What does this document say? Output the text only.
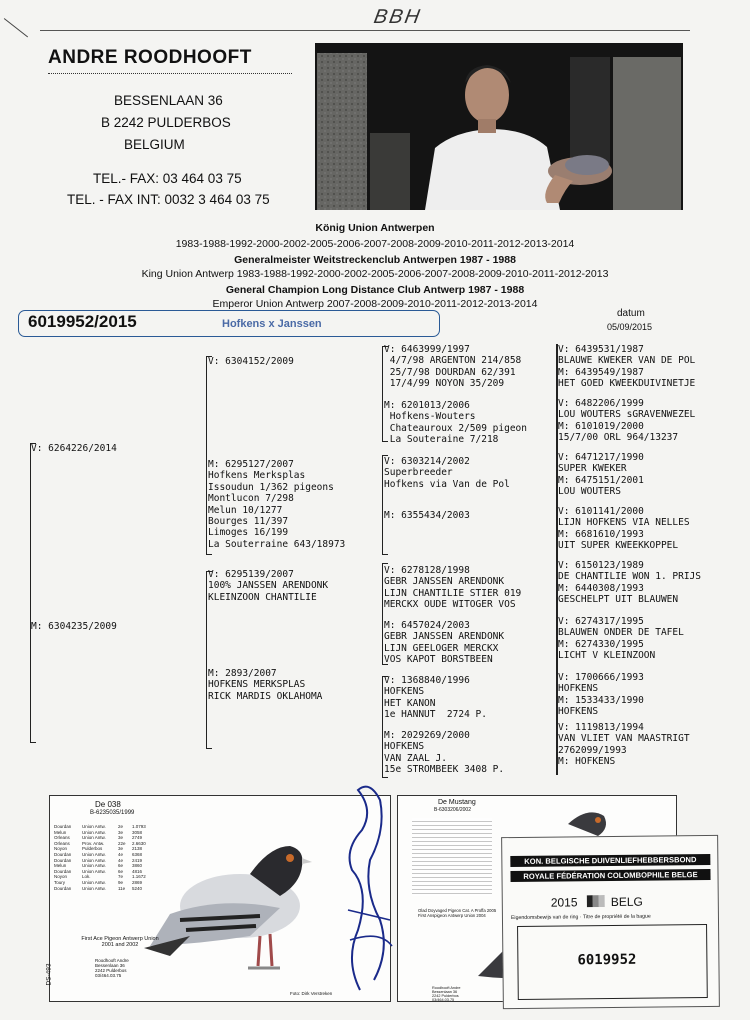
BBH
ANDRE ROODHOOFT
BESSENLAAN 36
B 2242 PULDERBOS
BELGIUM
TEL.- FAX: 03 464 03 75
TEL. - FAX INT: 0032 3 464 03 75
König Union Antwerpen
1983-1988-1992-2000-2002-2005-2006-2007-2008-2009-2010-2011-2012-2013-2014
Generalmeister Weitstreckenclub Antwerpen 1987 - 1988
King Union Antwerp 1983-1988-1992-2000-2002-2005-2006-2007-2008-2009-2010-2011-2012-2013
General Champion Long Distance Club Antwerp 1987 - 1988
Emperor Union Antwerp 2007-2008-2009-2010-2011-2012-2013-2014
6019952/2015	Hofkens x Janssen
datum
05/09/2015
V: 6264226/2014
M: 6304235/2009
V: 6304152/2009
M: 6295127/2007
Hofkens Merksplas
Issoudun 1/362 pigeons
Montlucon 7/298
Melun 10/1277
Bourges 11/397
Limoges 16/199
La Souterraine 643/18973
V: 6295139/2007
100% JANSSEN ARENDONK
KLEINZOON CHANTILIE
M: 2893/2007
HOFKENS MERKSPLAS
RICK MARDIS OKLAHOMA
V: 6463999/1997
4/7/98 ARGENTON 214/858
25/7/98 DOURDAN 62/391
17/4/99 NOYON 35/209
M: 6201013/2006
Hofkens-Wouters
Chateauroux 2/509 pigeon
La Souteraine 7/218
V: 6303214/2002
Superbreeder
Hofkens via Van de Pol
M: 6355434/2003
V: 6278128/1998
GEBR JANSSEN ARENDONK
LIJN CHANTILIE STIER 019
MERCKX OUDE WITOGER VOS
M: 6457024/2003
GEBR JANSSEN ARENDONK
LIJN GEELOGER MERCKX
VOS KAPOT BORSTBEEN
V: 1368840/1996
HOFKENS
HET KANON
1e HANNUT  2724 P.
M: 2029269/2000
HOFKENS
VAN ZAAL J.
15e STROMBEEK 3408 P.
V: 6439531/1987
BLAUWE KWEKER VAN DE POL
M: 6439549/1987
HET GOED KWEEKDUIVINETJE
V: 6482206/1999
LOU WOUTERS sGRAVENWEZEL
M: 6101019/2000
15/7/00 ORL 964/13237
V: 6471217/1990
SUPER KWEKER
M: 6475151/2001
LOU WOUTERS
V: 6101141/2000
LIJN HOFKENS VIA NELLES
M: 6681610/1993
UIT SUPER KWEEKKOPPEL
V: 6150123/1989
DE CHANTILIE WON 1. PRIJS
M: 6440308/1993
GESCHELPT UIT BLAUWEN
V: 6274317/1995
BLAUWEN ONDER DE TAFEL
M: 6274330/1995
LICHT V KLEINZOON
V: 1700666/1993
HOFKENS
M: 1533433/1990
HOFKENS
V: 1119813/1994
VAN VLIET VAN MAASTRIGT
2762099/1993
M: HOFKENS
De 038
B-6235035/1999
Dourdan	Union Antw.	2e	1.0793
Melun	Union Antw.	3e	3058
Orleans	Union Antw.	3e	2749
Orleans	Prov. Antw.	22e	2.6630
Noyon	Pulderbos	3e	2138
Dourdan	Union Antw.	4e	6368
Dourdan	Union Antw.	4e	2419
Melun	Union Antw.	6e	3860
Dourdan	Union Antw.	6e	4816
Noyon	Lok.	7e	1.1672
Toury	Union Antw.	9e	2869
Dourdan	Union Antw.	11e	5240
First Ace Pigeon Antwerp Union
2001 and 2002
Roodhooft Andre
Bessenlaan 36
2242 Pulderbos
03/464.03.75
Foto: Dirk Verstreken
DS-493
De Mustang
B-6303206/2002
Olad Doyvaged Pigeon Cat. A Proffa 2005
First Anspigeon Antwerp Union 2004
Roodhooft Andre
Bessenlaan 36
2242 Pulderbos
03/464.03.75
KON. BELGISCHE DUIVENLIEFHEBBERSBOND
ROYALE FÉDÉRATION COLOMBOPHILE BELGE
2015	BELG
Eigendomsbewijs van de ring · Titre de propriété de la bague
6019952
